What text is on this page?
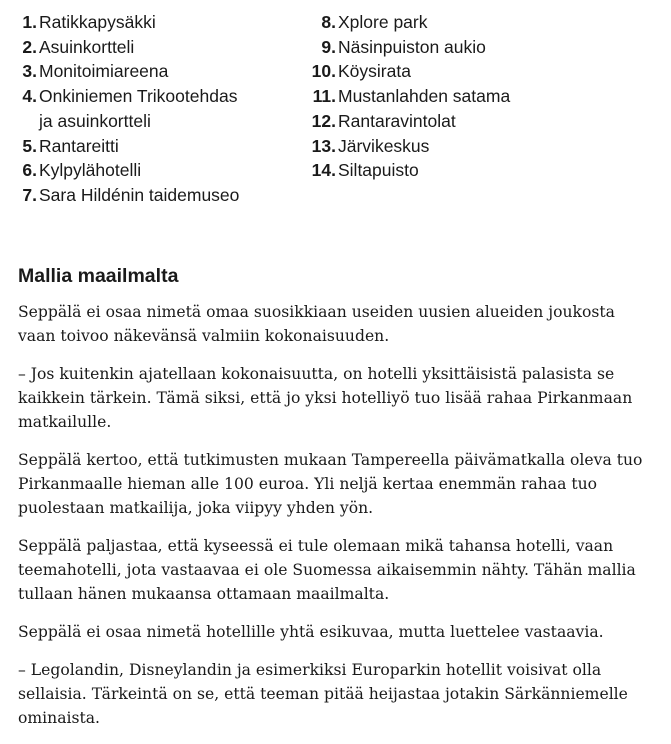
1. Ratikkapysäkki
2. Asuinkortteli
3. Monitoimiareena
4. Onkiniemen Trikootehdas
ja asuinkortteli
5. Rantareitti
6. Kylpylähotelli
7. Sara Hildénin taidemuseo
8. Xplore park
9. Näsinpuiston aukio
10. Köysirata
11. Mustanlahden satama
12. Rantaravintolat
13. Järvikeskus
14. Siltapuisto
Mallia maailmalta

Seppälä ei osaa nimetä omaa suosikkiaan useiden uusien alueiden joukosta vaan toivoo näkevänsä valmiin kokonaisuuden.

– Jos kuitenkin ajatellaan kokonaisuutta, on hotelli yksittäisistä palasista se kaikkein tärkein. Tämä siksi, että jo yksi hotelliyö tuo lisää rahaa Pirkanmaan matkailulle.

Seppälä kertoo, että tutkimusten mukaan Tampereella päivämatkalla oleva tuo Pirkanmaalle hieman alle 100 euroa. Yli neljä kertaa enemmän rahaa tuo puolestaan matkailija, joka viipyy yhden yön.

Seppälä paljastaa, että kyseessä ei tule olemaan mikä tahansa hotelli, vaan teemahotelli, jota vastaavaa ei ole Suomessa aikaisemmin nähty. Tähän mallia tullaan hänen mukaansa ottamaan maailmalta.

Seppälä ei osaa nimetä hotellille yhtä esikuvaa, mutta luettelee vastaavia.

– Legolandin, Disneylandin ja esimerkiksi Europarkin hotellit voisivat olla sellaisia. Tärkeintä on se, että teeman pitää heijastaa jotakin Särkänniemelle ominaista.
